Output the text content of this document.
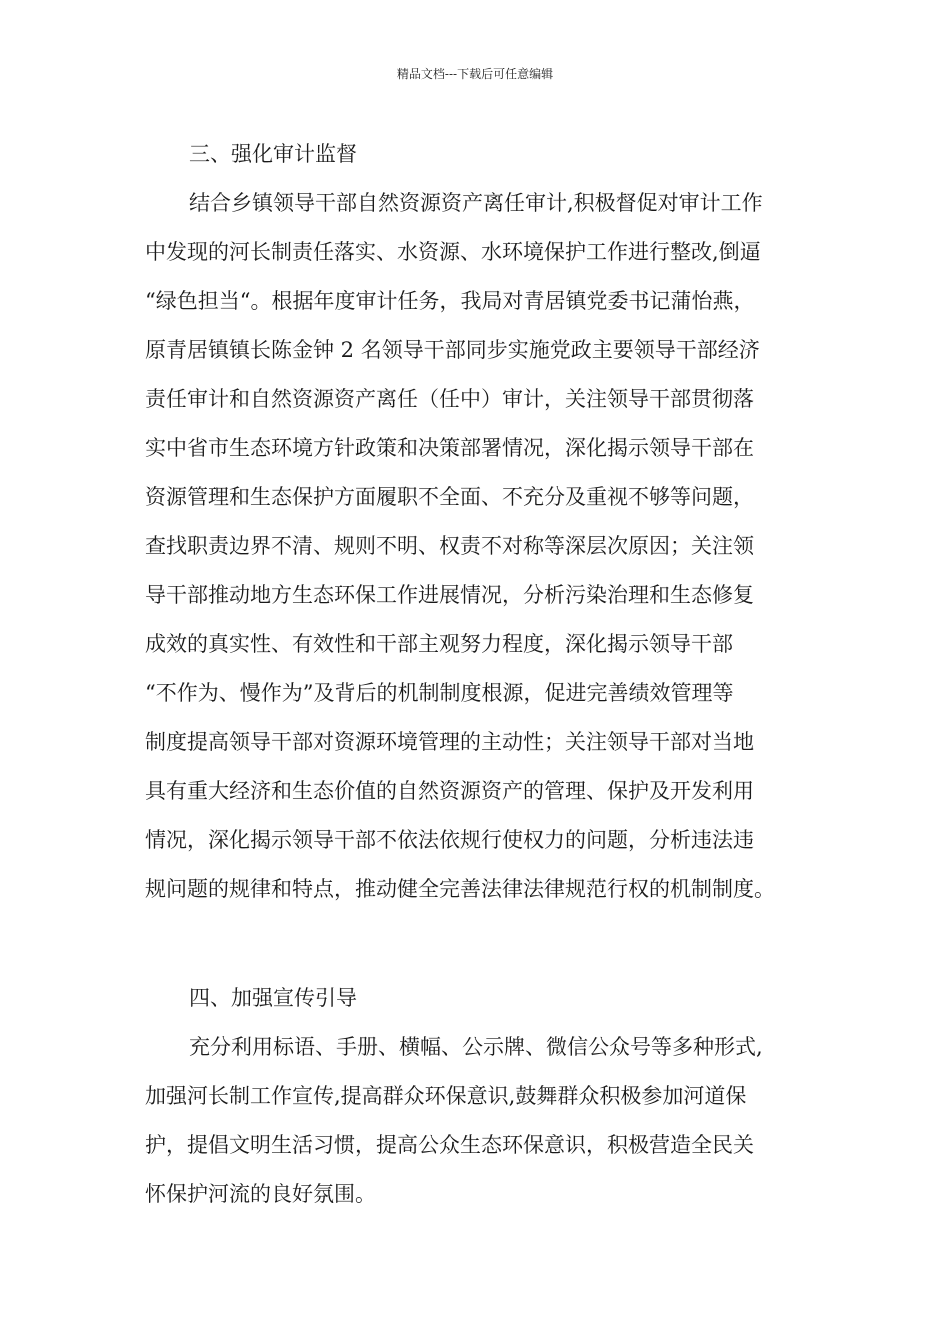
精品文档---下载后可任意编辑
三、强化审计监督
结合乡镇领导干部自然资源资产离任审计,积极督促对审计工作
中发现的河长制责任落实、水资源、水环境保护工作进行整改,倒逼
“绿色担当“。根据年度审计任务，我局对青居镇党委书记蒲怡燕，
原青居镇镇长陈金钟 2 名领导干部同步实施党政主要领导干部经济
责任审计和自然资源资产离任（任中）审计，关注领导干部贯彻落
实中省市生态环境方针政策和决策部署情况，深化揭示领导干部在
资源管理和生态保护方面履职不全面、不充分及重视不够等问题，
查找职责边界不清、规则不明、权责不对称等深层次原因；关注领
导干部推动地方生态环保工作进展情况，分析污染治理和生态修复
成效的真实性、有效性和干部主观努力程度，深化揭示领导干部
“不作为、慢作为”及背后的机制制度根源，促进完善绩效管理等
制度提高领导干部对资源环境管理的主动性；关注领导干部对当地
具有重大经济和生态价值的自然资源资产的管理、保护及开发利用
情况，深化揭示领导干部不依法依规行使权力的问题，分析违法违
规问题的规律和特点，推动健全完善法律法律规范行权的机制制度。
四、加强宣传引导
充分利用标语、手册、横幅、公示牌、微信公众号等多种形式,
加强河长制工作宣传,提高群众环保意识,鼓舞群众积极参加河道保
护，提倡文明生活习惯，提高公众生态环保意识，积极营造全民关
怀保护河流的良好氛围。
